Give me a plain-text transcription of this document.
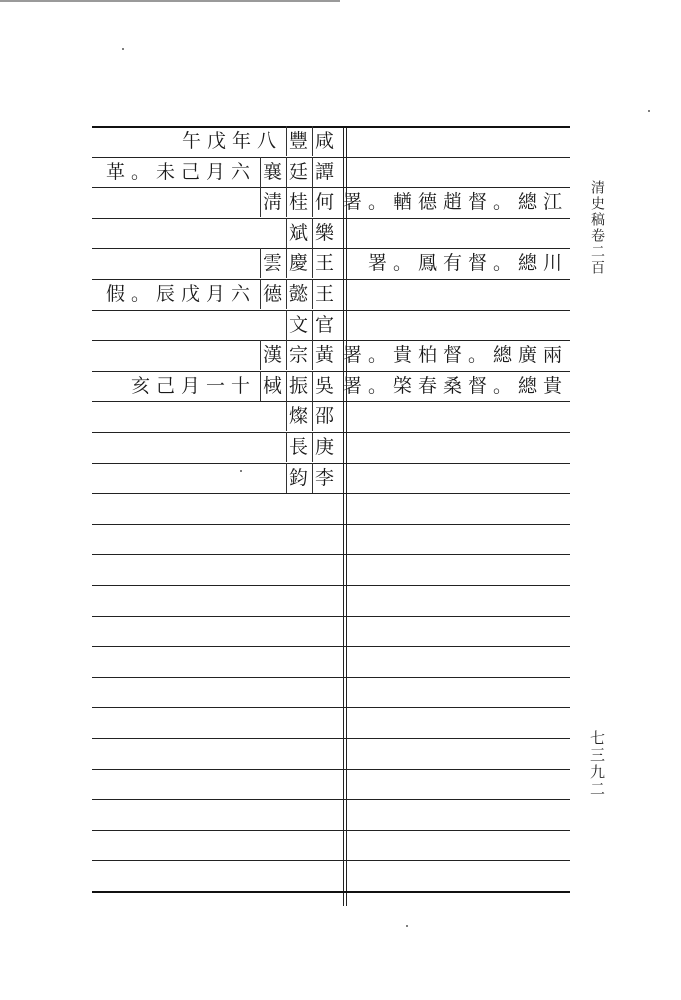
午戊年八 豐 咸
革。未己月六 襄 廷 譚
淸 桂 何 署。輶德趙督。總江
斌 樂
雲 慶 王 署。鳳有督。總川
假。辰戊月六 德 懿 王
文 官
漢 宗 黃 署。貴柏督。總廣兩
亥己月一十 棫 振 吳 署。棨春桑督。總貴
燦 邵
長 庚
鈞 李
清史稿卷二百
七三九二
